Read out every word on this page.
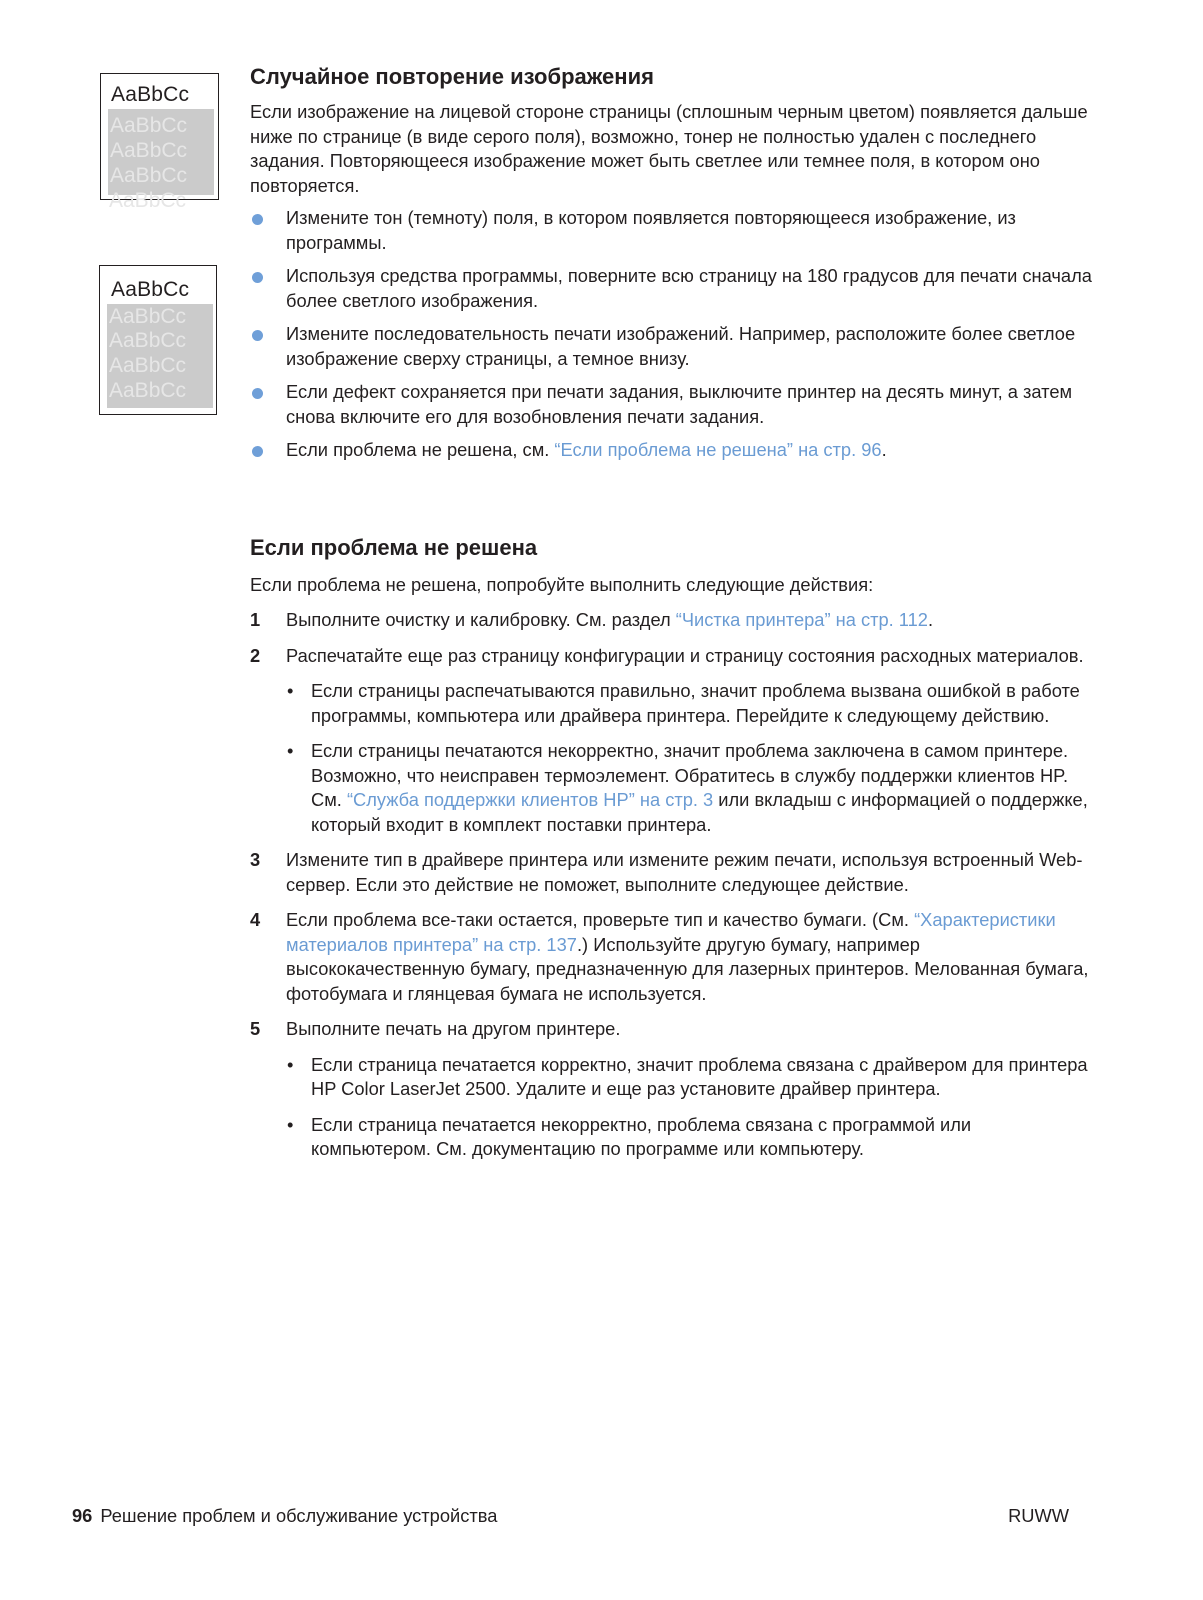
AaBbCc
AaBbCc
AaBbCc
AaBbCc
AaBbCc
AaBbCc
AaBbCc
AaBbCc
AaBbCc
AaBbCc
Случайное повторение изображения

Если изображение на лицевой стороне страницы (сплошным черным цветом) появляется дальше ниже по странице (в виде серого поля), возможно, тонер не полностью удален с последнего задания. Повторяющееся изображение может быть светлее или темнее поля, в котором оно повторяется.

Измените тон (темноту) поля, в котором появляется повторяющееся изображение, из программы.
Используя средства программы, поверните всю страницу на 180 градусов для печати сначала более светлого изображения.
Измените последовательность печати изображений. Например, расположите более светлое изображение сверху страницы, а темное внизу.
Если дефект сохраняется при печати задания, выключите принтер на десять минут, а затем снова включите его для возобновления печати задания.
Если проблема не решена, см. “Если проблема не решена” на стр. 96.
Если проблема не решена

Если проблема не решена, попробуйте выполнить следующие действия:

1 Выполните очистку и калибровку. См. раздел “Чистка принтера” на стр. 112.
2 Распечатайте еще раз страницу конфигурации и страницу состояния расходных материалов.
• Если страницы распечатываются правильно, значит проблема вызвана ошибкой в работе программы, компьютера или драйвера принтера. Перейдите к следующему действию.
• Если страницы печатаются некорректно, значит проблема заключена в самом принтере. Возможно, что неисправен термоэлемент. Обратитесь в службу поддержки клиентов HP. См. “Служба поддержки клиентов HP” на стр. 3 или вкладыш с информацией о поддержке, который входит в комплект поставки принтера.
3 Измените тип в драйвере принтера или измените режим печати, используя встроенный Web-сервер. Если это действие не поможет, выполните следующее действие.
4 Если проблема все-таки остается, проверьте тип и качество бумаги. (См. “Характеристики материалов принтера” на стр. 137.) Используйте другую бумагу, например высококачественную бумагу, предназначенную для лазерных принтеров. Мелованная бумага, фотобумага и глянцевая бумага не используется.
5 Выполните печать на другом принтере.
• Если страница печатается корректно, значит проблема связана с драйвером для принтера HP Color LaserJet 2500. Удалите и еще раз установите драйвер принтера.
• Если страница печатается некорректно, проблема связана с программой или компьютером. См. документацию по программе или компьютеру.
96 Решение проблем и обслуживание устройства	RUWW
